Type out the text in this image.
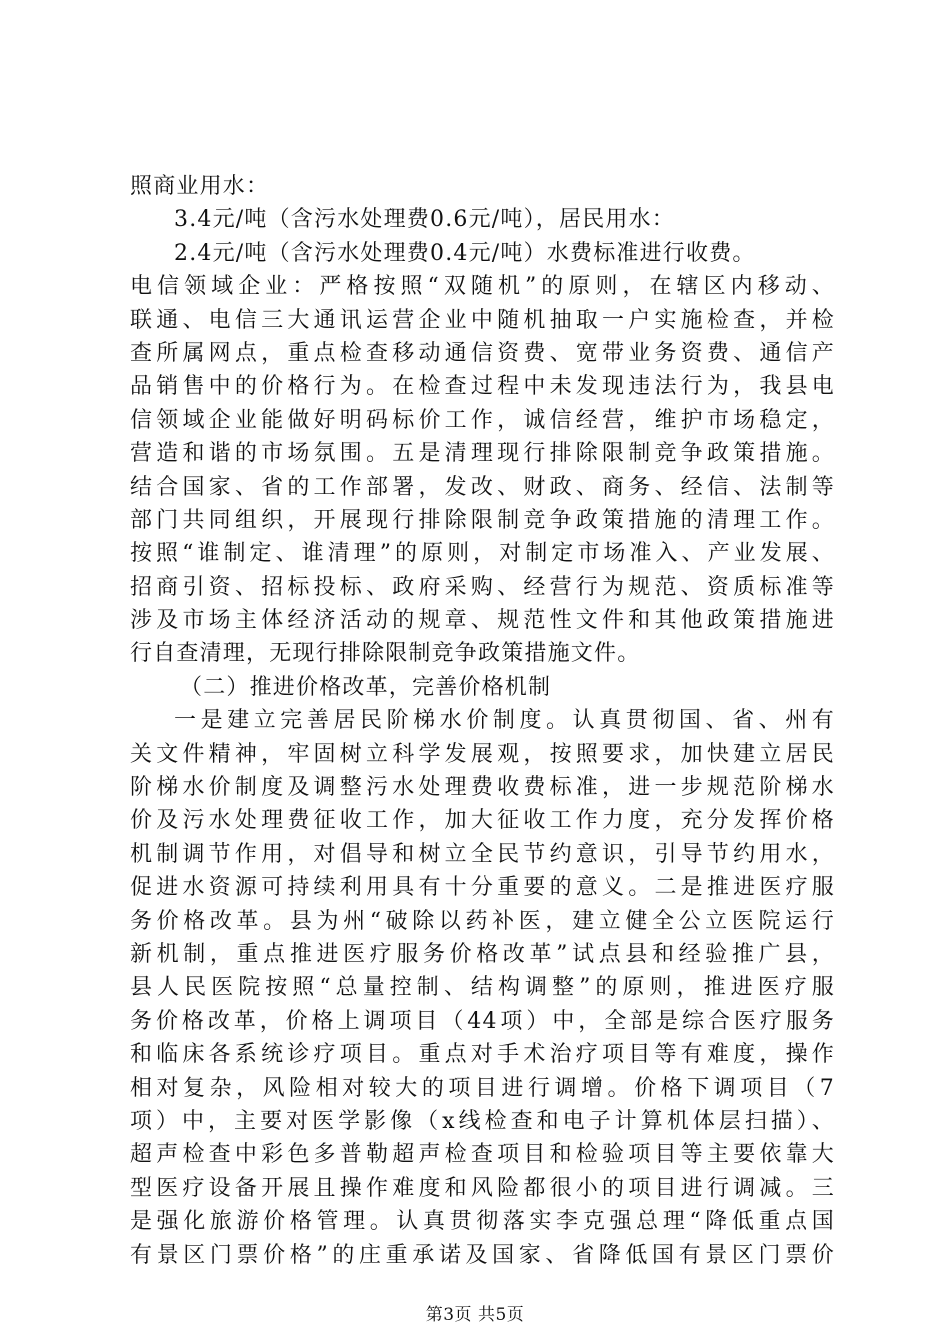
照商业用水：
3.4元/吨（含污水处理费0.6元/吨），居民用水：
2.4元/吨（含污水处理费0.4元/吨）水费标准进行收费。
电信领域企业：严格按照“双随机”的原则，在辖区内移动、
联通、电信三大通讯运营企业中随机抽取一户实施检查，并检
查所属网点，重点检查移动通信资费、宽带业务资费、通信产
品销售中的价格行为。在检查过程中未发现违法行为，我县电
信领域企业能做好明码标价工作，诚信经营，维护市场稳定，
营造和谐的市场氛围。五是清理现行排除限制竞争政策措施。
结合国家、省的工作部署，发改、财政、商务、经信、法制等
部门共同组织，开展现行排除限制竞争政策措施的清理工作。
按照“谁制定、谁清理”的原则，对制定市场准入、产业发展、
招商引资、招标投标、政府采购、经营行为规范、资质标准等
涉及市场主体经济活动的规章、规范性文件和其他政策措施进
行自查清理，无现行排除限制竞争政策措施文件。
（二）推进价格改革，完善价格机制
一是建立完善居民阶梯水价制度。认真贯彻国、省、州有
关文件精神，牢固树立科学发展观，按照要求，加快建立居民
阶梯水价制度及调整污水处理费收费标准，进一步规范阶梯水
价及污水处理费征收工作，加大征收工作力度，充分发挥价格
机制调节作用，对倡导和树立全民节约意识，引导节约用水，
促进水资源可持续利用具有十分重要的意义。二是推进医疗服
务价格改革。县为州“破除以药补医，建立健全公立医院运行
新机制，重点推进医疗服务价格改革”试点县和经验推广县，
县人民医院按照“总量控制、结构调整”的原则，推进医疗服
务价格改革，价格上调项目（44项）中，全部是综合医疗服务
和临床各系统诊疗项目。重点对手术治疗项目等有难度，操作
相对复杂，风险相对较大的项目进行调增。价格下调项目（7
项）中，主要对医学影像（x线检查和电子计算机体层扫描）、
超声检查中彩色多普勒超声检查项目和检验项目等主要依靠大
型医疗设备开展且操作难度和风险都很小的项目进行调减。三
是强化旅游价格管理。认真贯彻落实李克强总理“降低重点国
有景区门票价格”的庄重承诺及国家、省降低国有景区门票价
第3页 共5页
